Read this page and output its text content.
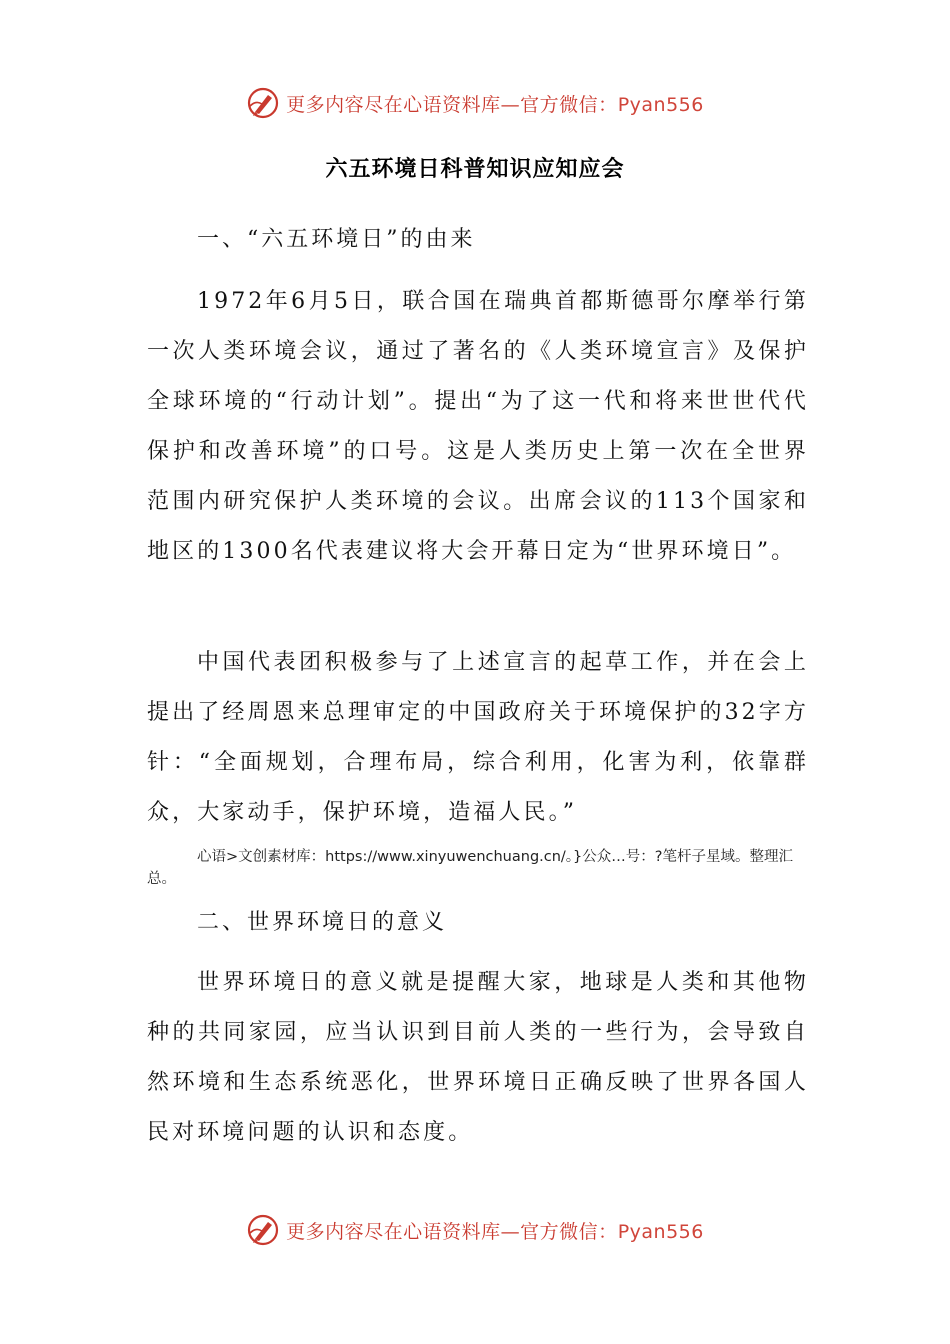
更多内容尽在心语资料库—官方微信：Pyan556
六五环境日科普知识应知应会

一、“六五环境日”的由来

1972年6月5日，联合国在瑞典首都斯德哥尔摩举行第一次人类环境会议，通过了著名的《人类环境宣言》及保护全球环境的“行动计划”。提出“为了这一代和将来世世代代保护和改善环境”的口号。这是人类历史上第一次在全世界范围内研究保护人类环境的会议。出席会议的113个国家和地区的1300名代表建议将大会开幕日定为“世界环境日”。

中国代表团积极参与了上述宣言的起草工作，并在会上提出了经周恩来总理审定的中国政府关于环境保护的32字方针：“全面规划，合理布局，综合利用，化害为利，依靠群众，大家动手，保护环境，造福人民。”

心语>文创素材库：https://www.xinyuwenchuang.cn/。}公众…号：?笔杆子星域。整理汇总。

二、世界环境日的意义

世界环境日的意义就是提醒大家，地球是人类和其他物种的共同家园，应当认识到目前人类的一些行为，会导致自然环境和生态系统恶化，世界环境日正确反映了世界各国人民对环境问题的认识和态度。

更多内容尽在心语资料库—官方微信：Pyan556
